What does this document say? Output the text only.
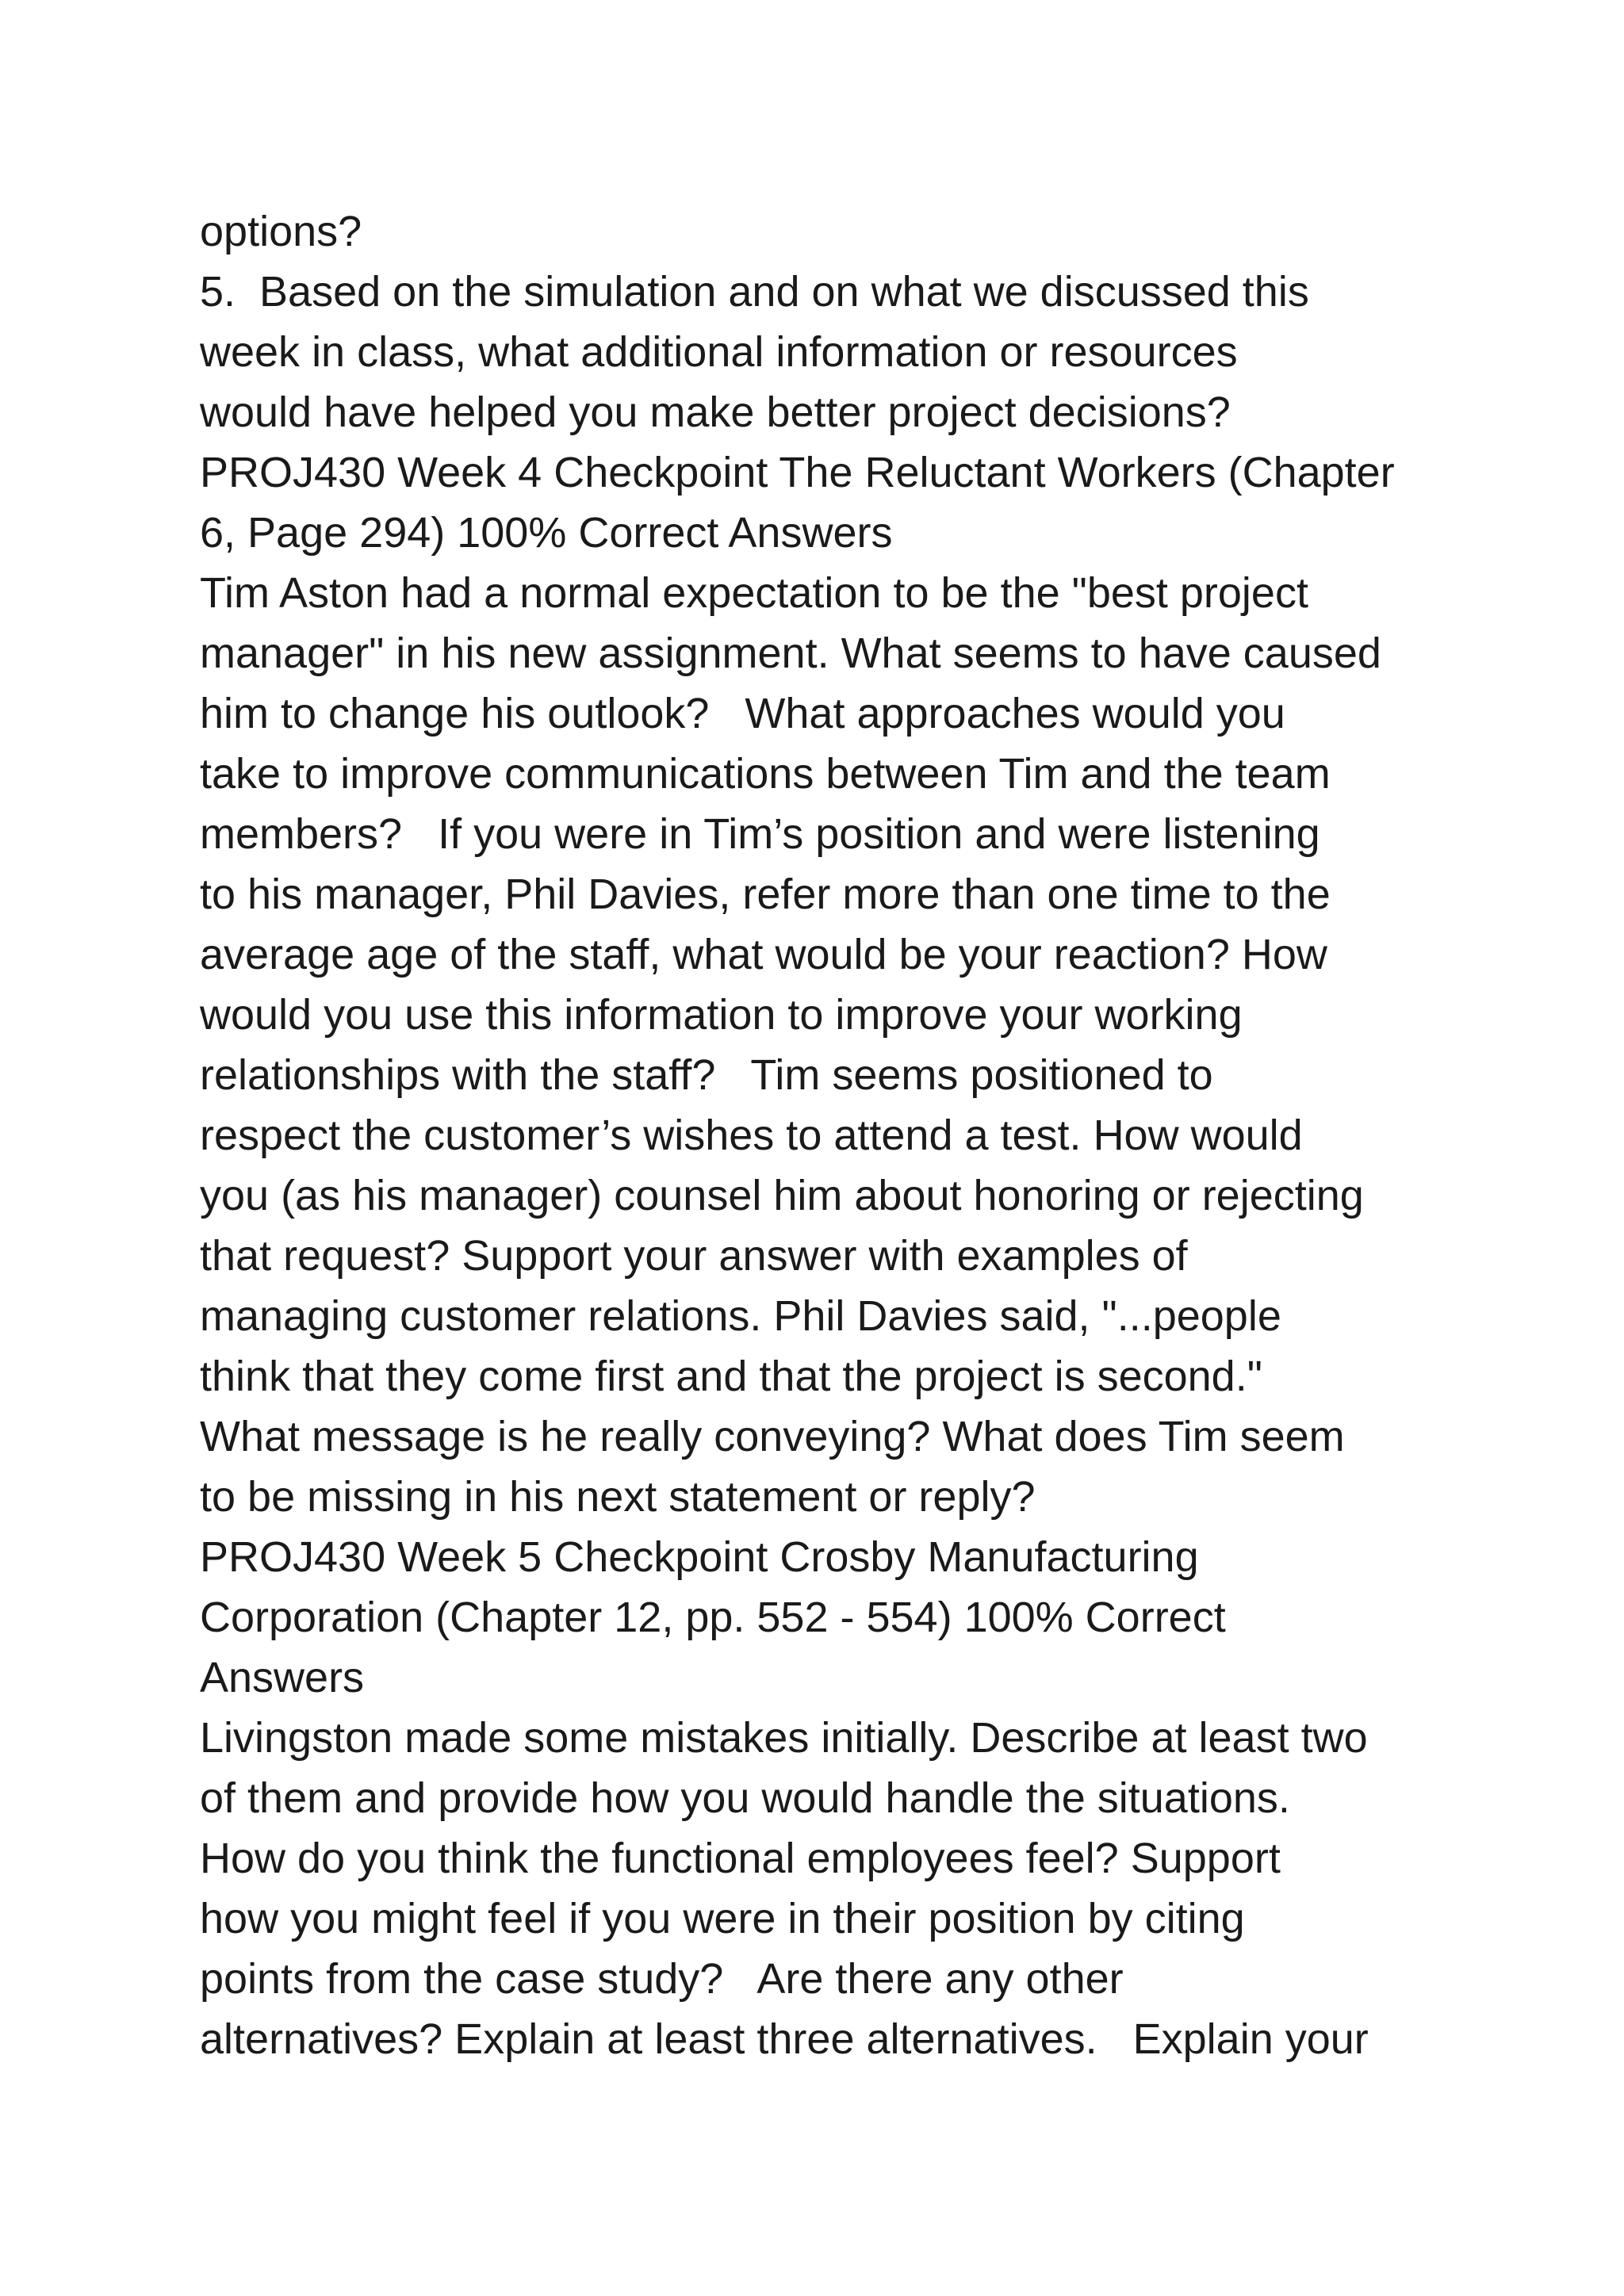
options?
5.  Based on the simulation and on what we discussed this
week in class, what additional information or resources
would have helped you make better project decisions?
PROJ430 Week 4 Checkpoint The Reluctant Workers (Chapter
6, Page 294) 100% Correct Answers
Tim Aston had a normal expectation to be the "best project
manager" in his new assignment. What seems to have caused
him to change his outlook?   What approaches would you
take to improve communications between Tim and the team
members?   If you were in Tim’s position and were listening
to his manager, Phil Davies, refer more than one time to the
average age of the staff, what would be your reaction? How
would you use this information to improve your working
relationships with the staff?   Tim seems positioned to
respect the customer’s wishes to attend a test. How would
you (as his manager) counsel him about honoring or rejecting
that request? Support your answer with examples of
managing customer relations. Phil Davies said, "...people
think that they come first and that the project is second."
What message is he really conveying? What does Tim seem
to be missing in his next statement or reply?
PROJ430 Week 5 Checkpoint Crosby Manufacturing
Corporation (Chapter 12, pp. 552 - 554) 100% Correct
Answers
Livingston made some mistakes initially. Describe at least two
of them and provide how you would handle the situations.
How do you think the functional employees feel? Support
how you might feel if you were in their position by citing
points from the case study?   Are there any other
alternatives? Explain at least three alternatives.   Explain your
